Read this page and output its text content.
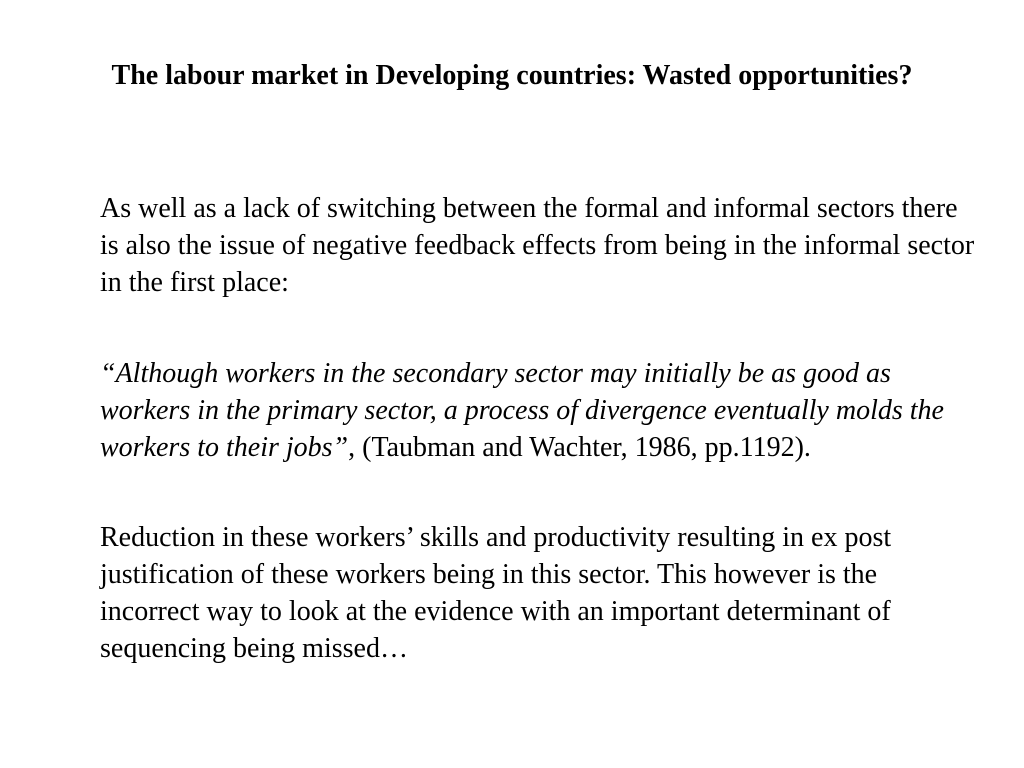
The labour market in Developing countries: Wasted opportunities?

As well as a lack of switching between the formal and informal sectors there is also the issue of negative feedback effects from being in the informal sector in the first place:

“Although workers in the secondary sector may initially be as good as workers in the primary sector, a process of divergence eventually molds the workers to their jobs”, (Taubman and Wachter, 1986, pp.1192).

Reduction in these workers’ skills and productivity resulting in ex post justification of these workers being in this sector. This however is the incorrect way to look at the evidence with an important determinant of sequencing being missed…
